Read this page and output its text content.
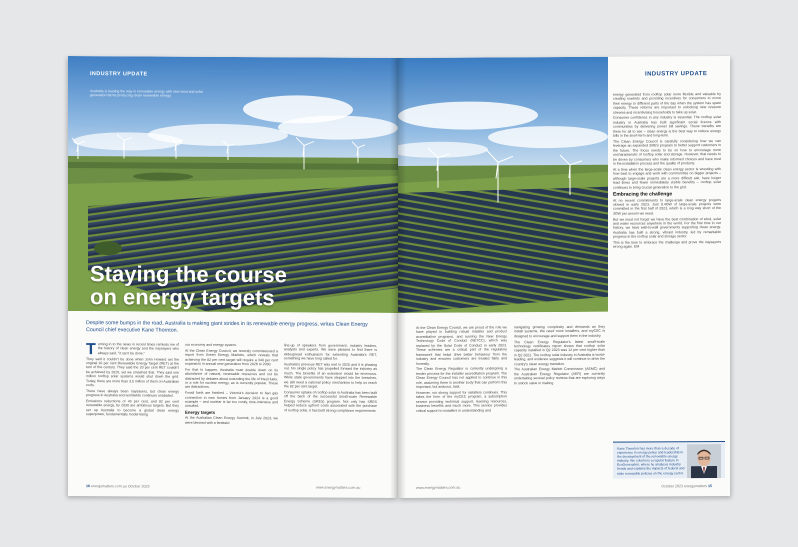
INDUSTRY UPDATE
Australia is leading the way in renewable energy with new wind and solar generation farms producing clean renewable energy.
Staying the course
on energy targets
Despite some bumps in the road, Australia is making giant strides in its renewable energy progress, writes Clean Energy Council chief executive Kane Thornton.

Turning in to the news in recent times reminds me of the history of clean energy and the naysayers who always said, "it can't be done."

They said it couldn't be done when John Howard set the original 10 per cent Renewable Energy Target (RET) at the turn of the century. They said the 20 per cent RET couldn't be achieved by 2020, yet we smashed that. They said one million rooftop solar systems would shut down the grid. Today, there are more than 3.5 million of them on Australian roofs.

There have always been naysayers, but clean energy progress in Australia and worldwide continues unabated.

Emissions reductions of 43 per cent, and 82 per cent renewable energy, by 2030 are ambitious targets. But they set up Australia to become a global clean energy superpower, fundamentally modernising

our economy and energy system.

At the Clean Energy Council, we recently commissioned a report from Green Energy Markets, which reveals that achieving the 82 per cent target will require a 340 per cent expansion in annual new generation from 2026 to 2030.

For that to happen, Australia must double down on its abundance of natural, renewable resources and not be distracted by debates about extending the life of fossil fuels, or a role for nuclear energy, as is currently popular. These are distractions.

Fossil fuels are finished – Victoria's decision to ban gas connection in new homes from January 2024 is a good example – and nuclear is far too costly, time-intensive and unsuited.

Energy targets

At the Australian Clean Energy Summit, in July 2023, we were blessed with a fantastic

line-up of speakers from government, industry leaders, analysts and experts. We were pleased to find there is widespread enthusiasm for extending Australia's RET, something we have long called for.

Australia's previous RET was met in 2020 and it is phasing out. No single policy has propelled forward the industry as much. The benefits of an extension would be enormous. While state governments have stepped into the breaches, we still need a national policy mechanism to help us reach the 82 per cent target.

Consumer uptake of rooftop solar in Australia has been built off the back of the successful Small-scale Renewable Energy Scheme (SRES) program. Not only has SRES helped reduce upfront costs associated with the purchase of rooftop solar, it has built strong compliance requirements

16 energymatters.com.au October 2023	www.energymatters.com.au
INDUSTRY UPDATE

At the Clean Energy Council, we are proud of the role we have played in building robust installer and product accreditation programs, and running the New Energy Technology Code of Conduct (NETCC), which was replaced by the Solar Code of Conduct in early 2023. These schemes are a critical part of the regulatory framework that helps drive better behaviour from the industry and ensures customers are treated fairly and honestly.

The Clean Energy Regulator is currently undergoing a tender process for the installer accreditation program. The Clean Energy Council has not applied to continue in this role, assuming there is another body that can perform this important, but arduous, task.

However, our strong support for installers continues. This takes the form of the myCEC program, a subscription service providing technical support, learning resources, business benefits and much more. This service provides critical support to installers in understanding and

navigating growing complexity and demands as they install systems. We need more installers, and myCEC is designed to encourage and support them in the industry.

The Clean Energy Regulator's latest small-scale technology certificates report shows that rooftop solar capacity installed in Q2 2023 was 12 per cent higher than in Q2 2022. The rooftop solar industry in Australia is world-leading, and evidence suggests it will continue to drive the country's clean energy transition.

The Australian Energy Market Commission (AEMC) and the Australian Energy Regulator (AER) are currently undertaking several policy reviews that are exploring ways to unlock value in making

energy generated from rooftop solar more flexible and valuable by creating markets and providing incentives for consumers to move their energy to different parts of the day when the system has spare capacity. These reforms are important to unlocking new revenue streams and incentivising households to take up solar.

Consumer confidence in any industry is essential. The rooftop solar industry in Australia has built significant social licence with communities by delivering power bill savings. These benefits are there for all to see – clean energy is the best way to reduce energy bills in the short-term and long-term.

The Clean Energy Council is carefully considering how we can leverage an expanded SRES program to better support customers in the future. The focus needs to be on how to encourage more uncharacteristic of rooftop solar and storage. However, that needs to be driven by consumers who make informed choices and have trust in the installation process and the quality of products.

At a time when the large-scale clean energy sector is wrestling with how best to engage and work with communities on bigger projects – although large-scale projects are a more difficult ask, have longer lead times and fewer immediately visible benefits – rooftop solar continues to bring crucial generation to the grid.

Embracing the challenge

At no recent commitments to large-scale clean energy projects slowed in early 2023. Just 0.4GW of large-scale projects were committed in the first half of 2023, which is a long way short of the 3GW per annum we need.

But we must not forget we have the best combination of wind, solar and water resources anywhere in the world. For the first time in our history, we have wall-to-wall governments supporting clean energy. Australia has built a strong, vibrant industry, led by remarkable progress in the rooftop solar and storage sector.

This is the time to embrace the challenge and prove the naysayers wrong again. EM

Kane Thornton has more than a decade of experience in energy policy and leadership in the development of the renewable energy industry. We column is a regular feature in EcoGeneration, where he analyses industry trends and explains the impacts of federal and state renewable policies on the energy sector.
www.energymatters.com.au	October 2023 energymatters 15
